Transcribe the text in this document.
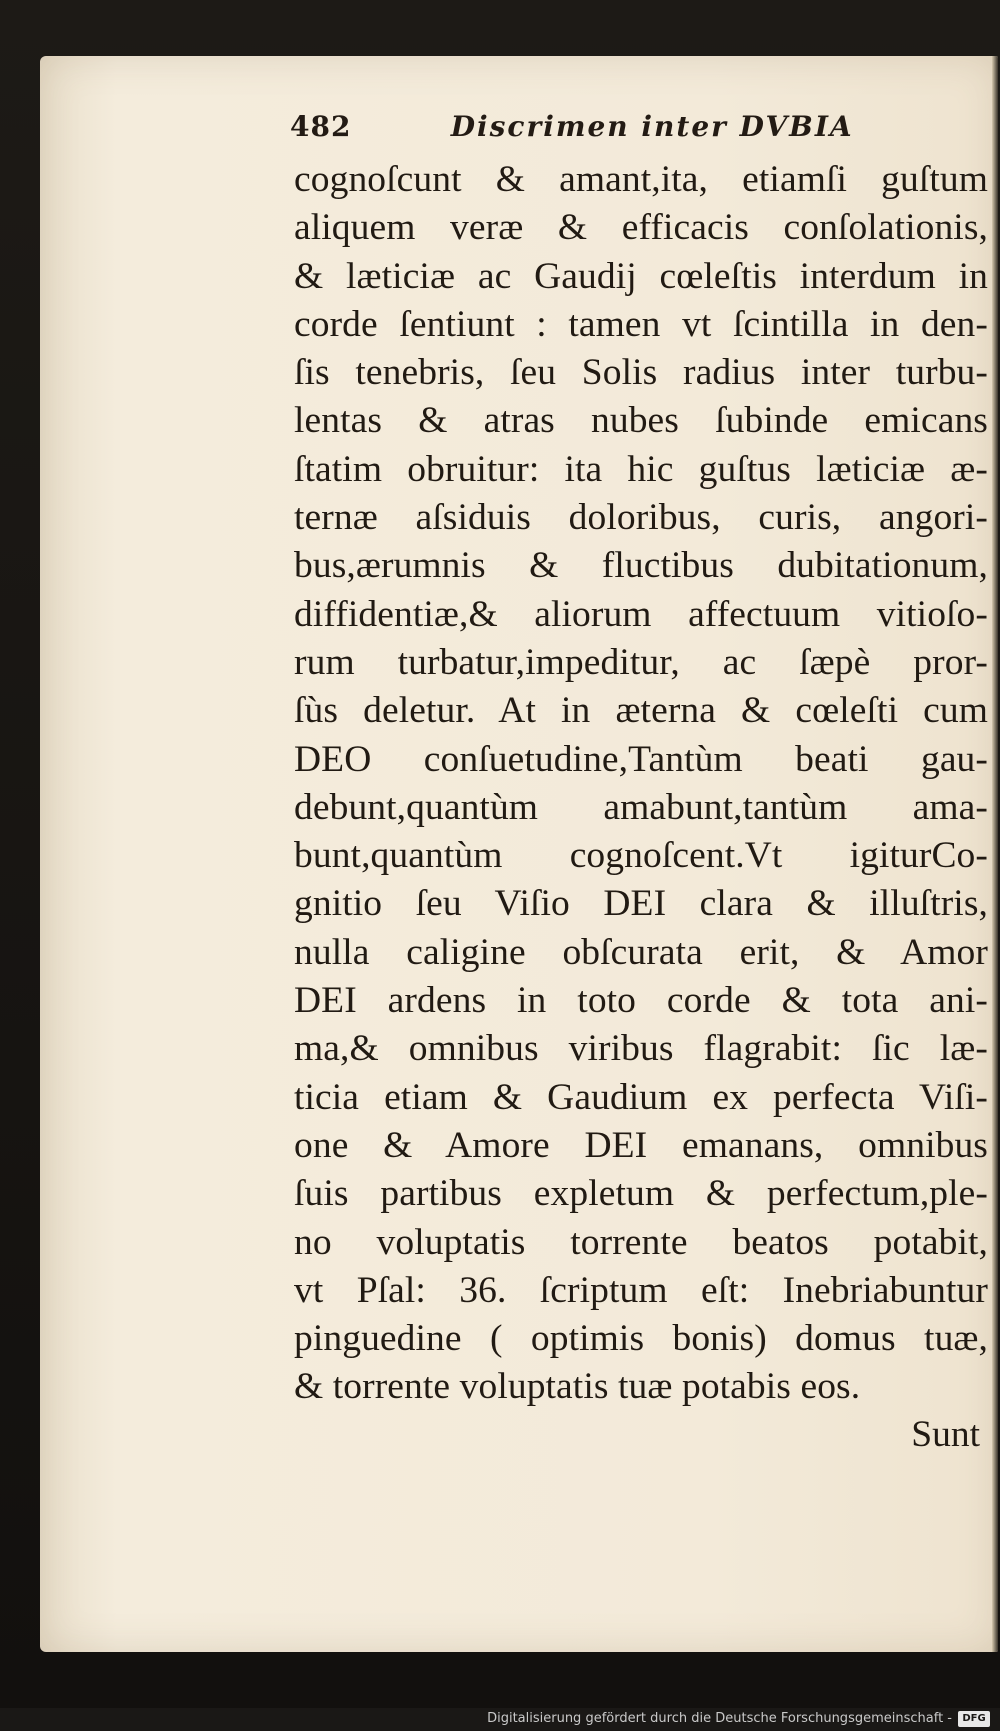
482	Discrimen inter DVBIA
cognoſcunt & amant,ita, etiamſi guſtum
aliquem veræ & efficacis conſolationis,
& læticiæ ac Gaudij cœleſtis interdum in
corde ſentiunt : tamen vt ſcintilla in den-
ſis tenebris, ſeu Solis radius inter turbu-
lentas & atras nubes ſubinde emicans
ſtatim obruitur: ita hic guſtus læticiæ æ-
ternæ aſsiduis doloribus, curis, angori-
bus,ærumnis & fluctibus dubitationum,
diffidentiæ,& aliorum affectuum vitioſo-
rum turbatur,impeditur, ac ſæpè pror-
ſùs deletur. At in æterna & cœleſti cum
DEO conſuetudine,Tantùm beati gau-
debunt,quantùm amabunt,tantùm ama-
bunt,quantùm cognoſcent.Vt igiturCo-
gnitio ſeu Viſio DEI clara & illuſtris,
nulla caligine obſcurata erit, & Amor
DEI ardens in toto corde & tota ani-
ma,& omnibus viribus flagrabit: ſic læ-
ticia etiam & Gaudium ex perfecta Viſi-
one & Amore DEI emanans, omnibus
ſuis partibus expletum & perfectum,ple-
no voluptatis torrente beatos potabit,
vt Pſal: 36. ſcriptum eſt: Inebriabuntur
pinguedine ( optimis bonis) domus tuæ,
& torrente voluptatis tuæ potabis eos.
Sunt
Digitalisierung gefördert durch die Deutsche Forschungsgemeinschaft -	DFG
